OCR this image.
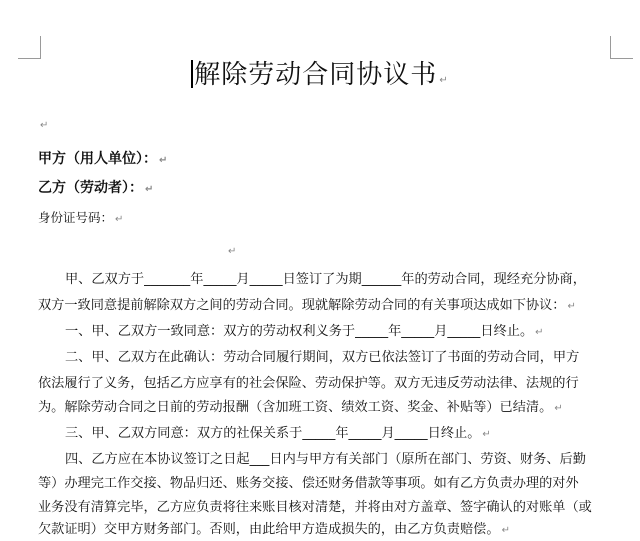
解除劳动合同协议书 ↵
↵
甲方（用人单位）： ↵
乙方（劳动者）： ↵
身份证号码： ↵
↵
甲、乙双方于_______年_____月_____日签订了为期______年的劳动合同，现经充分协商，
双方一致同意提前解除双方之间的劳动合同。现就解除劳动合同的有关事项达成如下协议： ↵
一、甲、乙双方一致同意：双方的劳动权利义务于_____年_____月_____日终止。 ↵
二、甲、乙双方在此确认：劳动合同履行期间，双方已依法签订了书面的劳动合同，甲方
依法履行了义务，包括乙方应享有的社会保险、劳动保护等。双方无违反劳动法律、法规的行
为。解除劳动合同之日前的劳动报酬（含加班工资、绩效工资、奖金、补贴等）已结清。 ↵
三、甲、乙双方同意：双方的社保关系于_____年_____月_____日终止。 ↵
四、乙方应在本协议签订之日起___日内与甲方有关部门（原所在部门、劳资、财务、后勤
等）办理完工作交接、物品归还、账务交接、偿还财务借款等事项。如有乙方负责办理的对外
业务没有清算完毕，乙方应负责将往来账目核对清楚，并将由对方盖章、签字确认的对账单（或
欠款证明）交甲方财务部门。否则，由此给甲方造成损失的，由乙方负责赔偿。 ↵
